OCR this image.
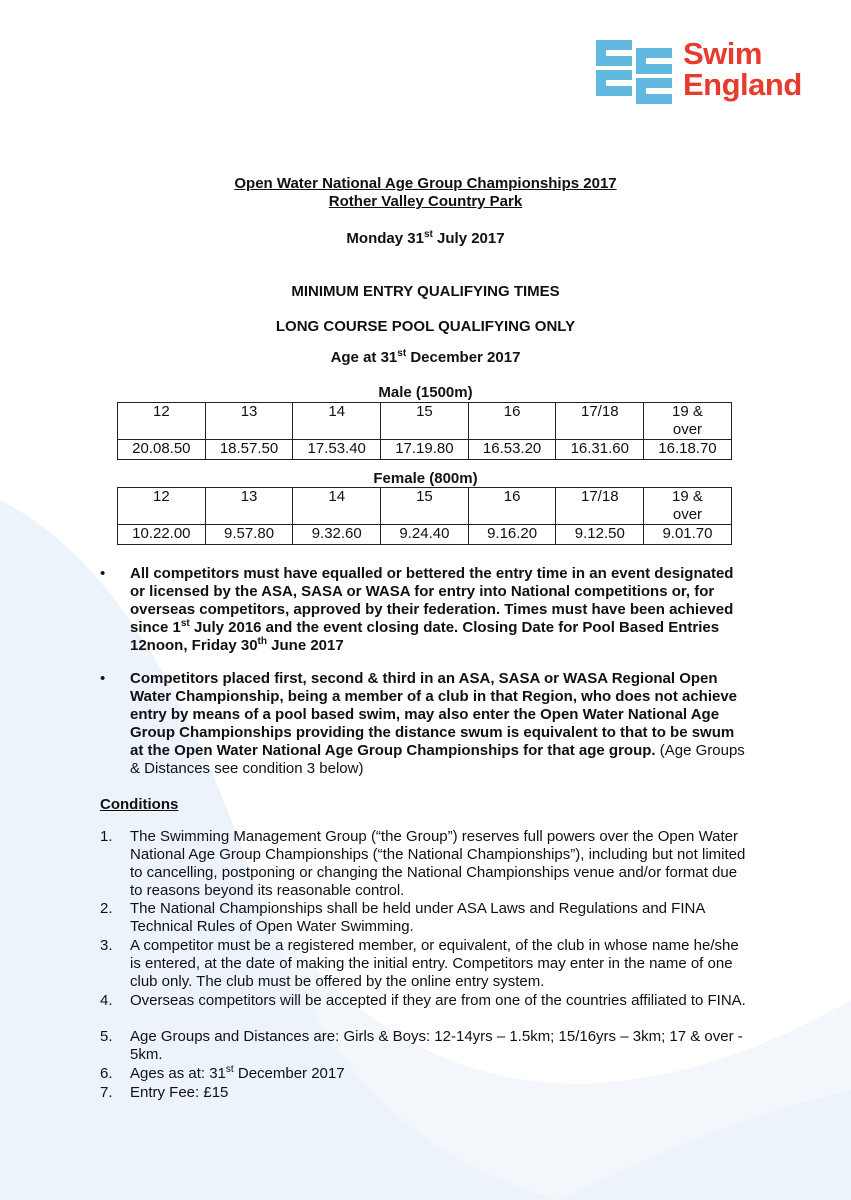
Swim
England
Open Water National Age Group Championships 2017
Rother Valley Country Park
Monday 31st July 2017
MINIMUM ENTRY QUALIFYING TIMES
LONG COURSE POOL QUALIFYING ONLY
Age at 31st December 2017
Male (1500m)
12	13	14	15	16	17/18	19 &
over
20.08.50	18.57.50	17.53.40	17.19.80	16.53.20	16.31.60	16.18.70
Female (800m)
12	13	14	15	16	17/18	19 &
over
10.22.00	9.57.80	9.32.60	9.24.40	9.16.20	9.12.50	9.01.70
• All competitors must have equalled or bettered the entry time in an event designated or licensed by the ASA, SASA or WASA for entry into National competitions or, for overseas competitors, approved by their federation. Times must have been achieved since 1st July 2016 and the event closing date. Closing Date for Pool Based Entries 12noon, Friday 30th June 2017
• Competitors placed first, second & third in an ASA, SASA or WASA Regional Open Water Championship, being a member of a club in that Region, who does not achieve entry by means of a pool based swim, may also enter the Open Water National Age Group Championships providing the distance swum is equivalent to that to be swum at the Open Water National Age Group Championships for that age group. (Age Groups & Distances see condition 3 below)
Conditions
1. The Swimming Management Group (“the Group”) reserves full powers over the Open Water National Age Group Championships (“the National Championships”), including but not limited to cancelling, postponing or changing the National Championships venue and/or format due to reasons beyond its reasonable control.
2. The National Championships shall be held under ASA Laws and Regulations and FINA Technical Rules of Open Water Swimming.
3. A competitor must be a registered member, or equivalent, of the club in whose name he/she is entered, at the date of making the initial entry. Competitors may enter in the name of one club only. The club must be offered by the online entry system.
4. Overseas competitors will be accepted if they are from one of the countries affiliated to FINA.
5. Age Groups and Distances are: Girls & Boys: 12-14yrs – 1.5km; 15/16yrs – 3km; 17 & over - 5km.
6. Ages as at: 31st December 2017
7. Entry Fee: £15
